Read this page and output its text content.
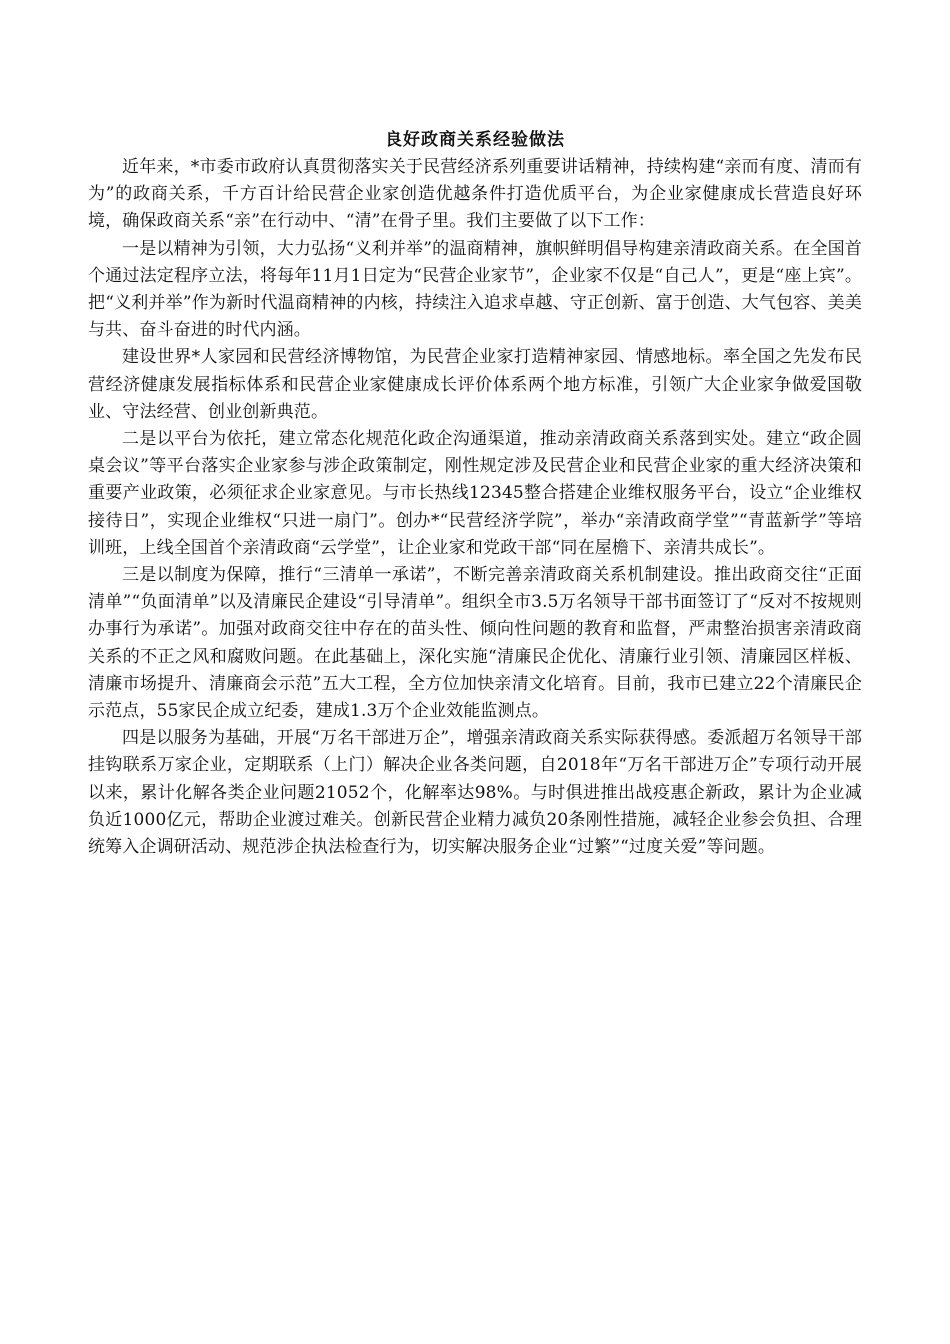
良好政商关系经验做法

近年来，*市委市政府认真贯彻落实关于民营经济系列重要讲话精神，持续构建“亲而有度、清而有为”的政商关系，千方百计给民营企业家创造优越条件打造优质平台，为企业家健康成长营造良好环境，确保政商关系“亲”在行动中、“清”在骨子里。我们主要做了以下工作：

一是以精神为引领，大力弘扬“义利并举”的温商精神，旗帜鲜明倡导构建亲清政商关系。在全国首个通过法定程序立法，将每年11月1日定为“民营企业家节”，企业家不仅是“自己人”，更是“座上宾”。把“义利并举”作为新时代温商精神的内核，持续注入追求卓越、守正创新、富于创造、大气包容、美美与共、奋斗奋进的时代内涵。

建设世界*人家园和民营经济博物馆，为民营企业家打造精神家园、情感地标。率全国之先发布民营经济健康发展指标体系和民营企业家健康成长评价体系两个地方标准，引领广大企业家争做爱国敬业、守法经营、创业创新典范。

二是以平台为依托，建立常态化规范化政企沟通渠道，推动亲清政商关系落到实处。建立“政企圆桌会议”等平台落实企业家参与涉企政策制定，刚性规定涉及民营企业和民营企业家的重大经济决策和重要产业政策，必须征求企业家意见。与市长热线12345整合搭建企业维权服务平台，设立“企业维权接待日”，实现企业维权“只进一扇门”。创办*“民营经济学院”，举办“亲清政商学堂”“青蓝新学”等培训班，上线全国首个亲清政商“云学堂”，让企业家和党政干部“同在屋檐下、亲清共成长”。

三是以制度为保障，推行“三清单一承诺”，不断完善亲清政商关系机制建设。推出政商交往“正面清单”“负面清单”以及清廉民企建设“引导清单”。组织全市3.5万名领导干部书面签订了“反对不按规则办事行为承诺”。加强对政商交往中存在的苗头性、倾向性问题的教育和监督，严肃整治损害亲清政商关系的不正之风和腐败问题。在此基础上，深化实施“清廉民企优化、清廉行业引领、清廉园区样板、清廉市场提升、清廉商会示范”五大工程，全方位加快亲清文化培育。目前，我市已建立22个清廉民企示范点，55家民企成立纪委，建成1.3万个企业效能监测点。

四是以服务为基础，开展“万名干部进万企”，增强亲清政商关系实际获得感。委派超万名领导干部挂钩联系万家企业，定期联系（上门）解决企业各类问题，自2018年“万名干部进万企”专项行动开展以来，累计化解各类企业问题21052个，化解率达98%。与时俱进推出战疫惠企新政，累计为企业减负近1000亿元，帮助企业渡过难关。创新民营企业精力减负20条刚性措施，减轻企业参会负担、合理统筹入企调研活动、规范涉企执法检查行为，切实解决服务企业“过繁”“过度关爱”等问题。
